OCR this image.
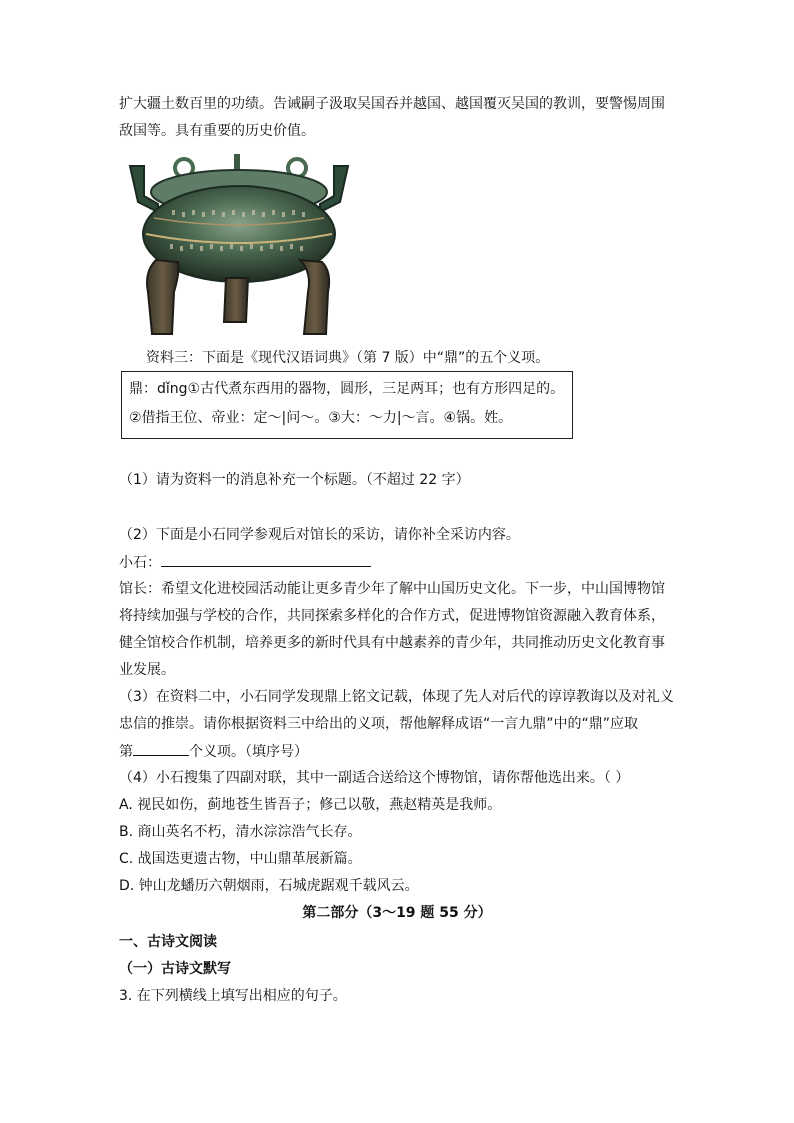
扩大疆土数百里的功绩。告诫嗣子汲取吴国吞并越国、越国覆灭吴国的教训，要警惕周围
敌国等。具有重要的历史价值。
资料三：下面是《现代汉语词典》（第 7 版）中“鼎”的五个义项。
鼎：dǐng①古代煮东西用的器物，圆形，三足两耳；也有方形四足的。
②借指王位、帝业：定～|问～。③大：～力|～言。④锅。姓。
（1）请为资料一的消息补充一个标题。（不超过 22 字）
（2）下面是小石同学参观后对馆长的采访，请你补全采访内容。
小石：
馆长：希望文化进校园活动能让更多青少年了解中山国历史文化。下一步，中山国博物馆
将持续加强与学校的合作，共同探索多样化的合作方式，促进博物馆资源融入教育体系，
健全馆校合作机制，培养更多的新时代具有中越素养的青少年，共同推动历史文化教育事
业发展。
（3）在资料二中，小石同学发现鼎上铭文记载，体现了先人对后代的谆谆教诲以及对礼义
忠信的推崇。请你根据资料三中给出的义项，帮他解释成语“一言九鼎”中的“鼎”应取
第	个义项。（填序号）
（4）小石搜集了四副对联，其中一副适合送给这个博物馆，请你帮他选出来。（ ）
A. 视民如伤，蓟地苍生皆吾子；修己以敬，燕赵精英是我师。
B. 商山英名不朽，清水淙淙浩气长存。
C. 战国迭更遗古物，中山鼎革展新篇。
D. 钟山龙蟠历六朝烟雨，石城虎踞观千载风云。
第二部分（3～19 题 55 分）
一、古诗文阅读
（一）古诗文默写
3. 在下列横线上填写出相应的句子。
